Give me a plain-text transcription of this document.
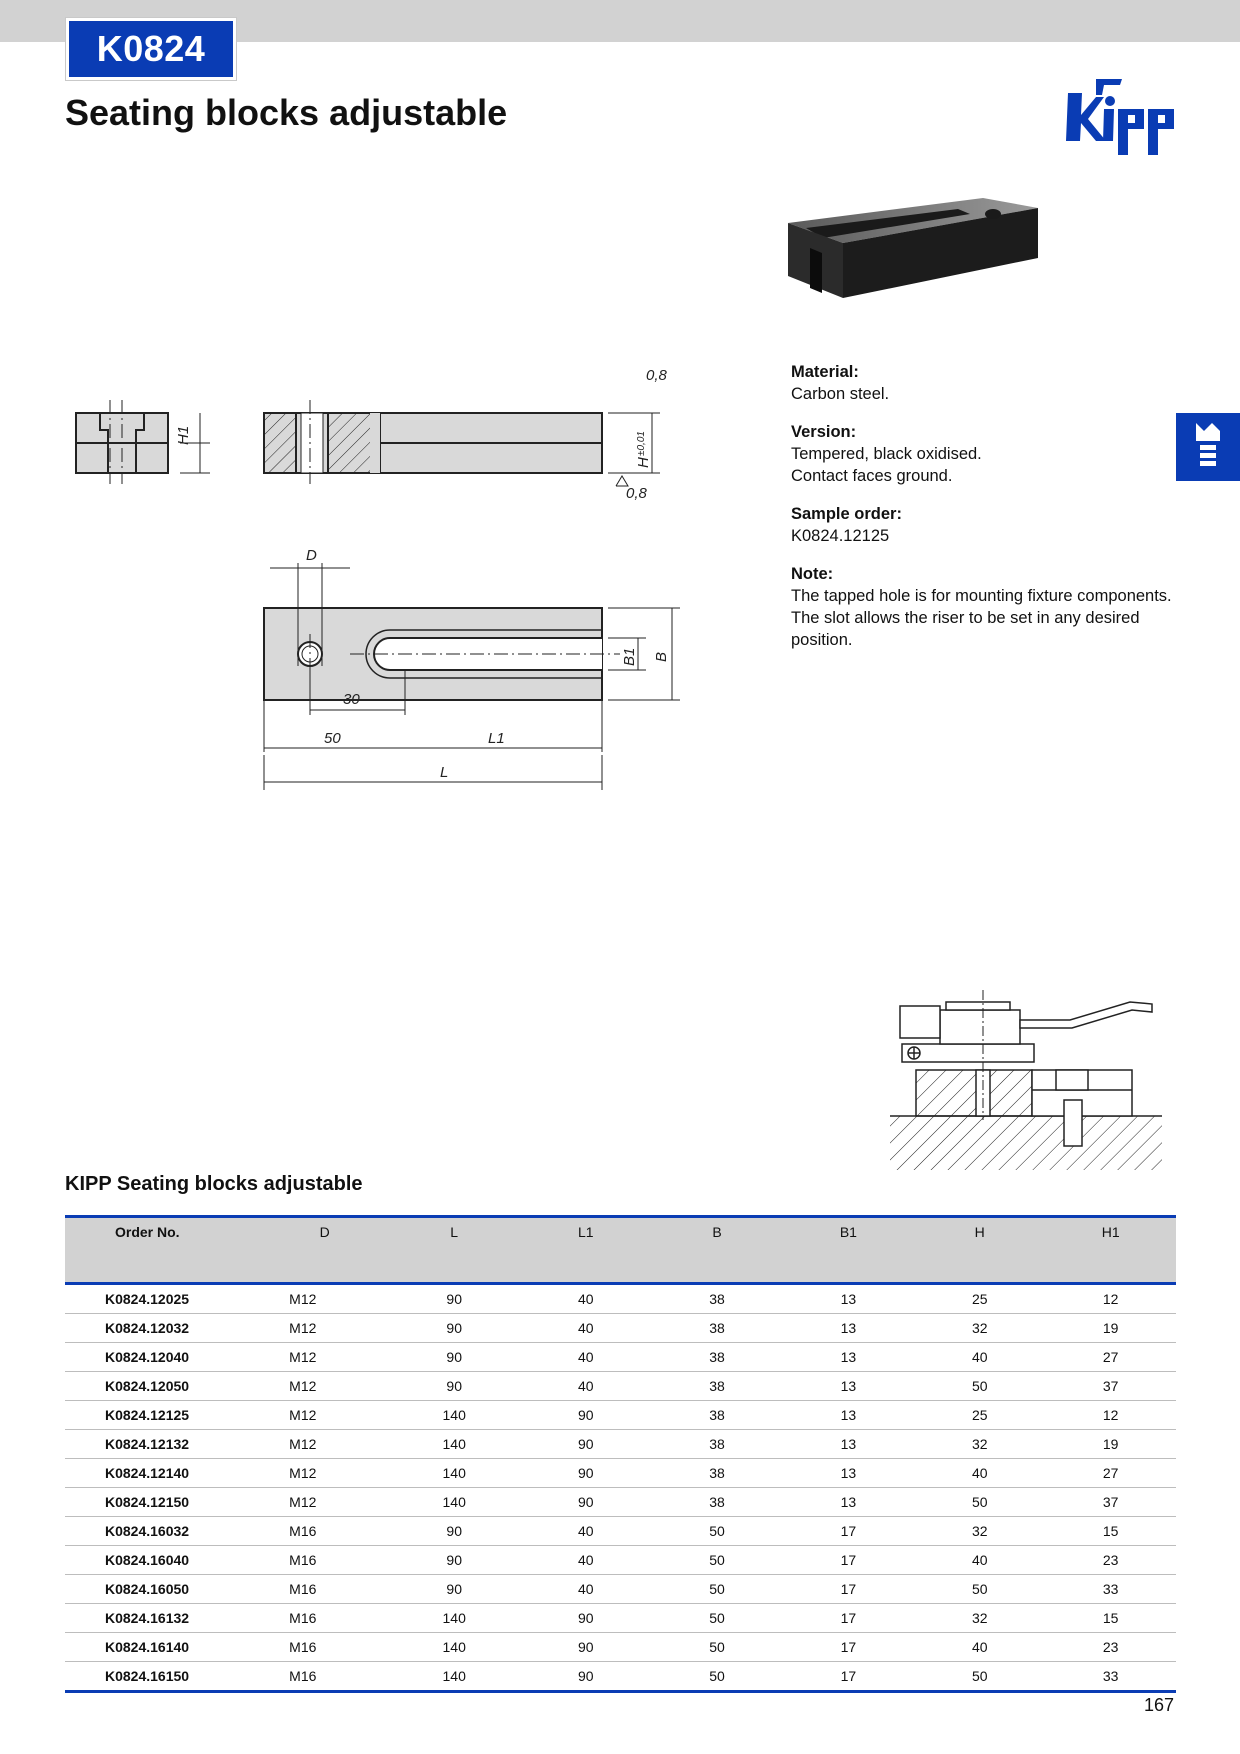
K0824
Seating blocks adjustable
H1
0,8
0,8
H
±0,01
D
B1 B
30
50	L1
L
Material:
Carbon steel.
Version:
Tempered, black oxidised.
Contact faces ground.
Sample order:
K0824.12125
Note:
The tapped hole is for mounting fixture components.
The slot allows the riser to be set in any desired
position.
KIPP Seating blocks adjustable
Order No.	D	L	L1	B	B1	H	H1
K0824.12025	M12	90	40	38	13	25	12
K0824.12032	M12	90	40	38	13	32	19
K0824.12040	M12	90	40	38	13	40	27
K0824.12050	M12	90	40	38	13	50	37
K0824.12125	M12	140	90	38	13	25	12
K0824.12132	M12	140	90	38	13	32	19
K0824.12140	M12	140	90	38	13	40	27
K0824.12150	M12	140	90	38	13	50	37
K0824.16032	M16	90	40	50	17	32	15
K0824.16040	M16	90	40	50	17	40	23
K0824.16050	M16	90	40	50	17	50	33
K0824.16132	M16	140	90	50	17	32	15
K0824.16140	M16	140	90	50	17	40	23
K0824.16150	M16	140	90	50	17	50	33
167
